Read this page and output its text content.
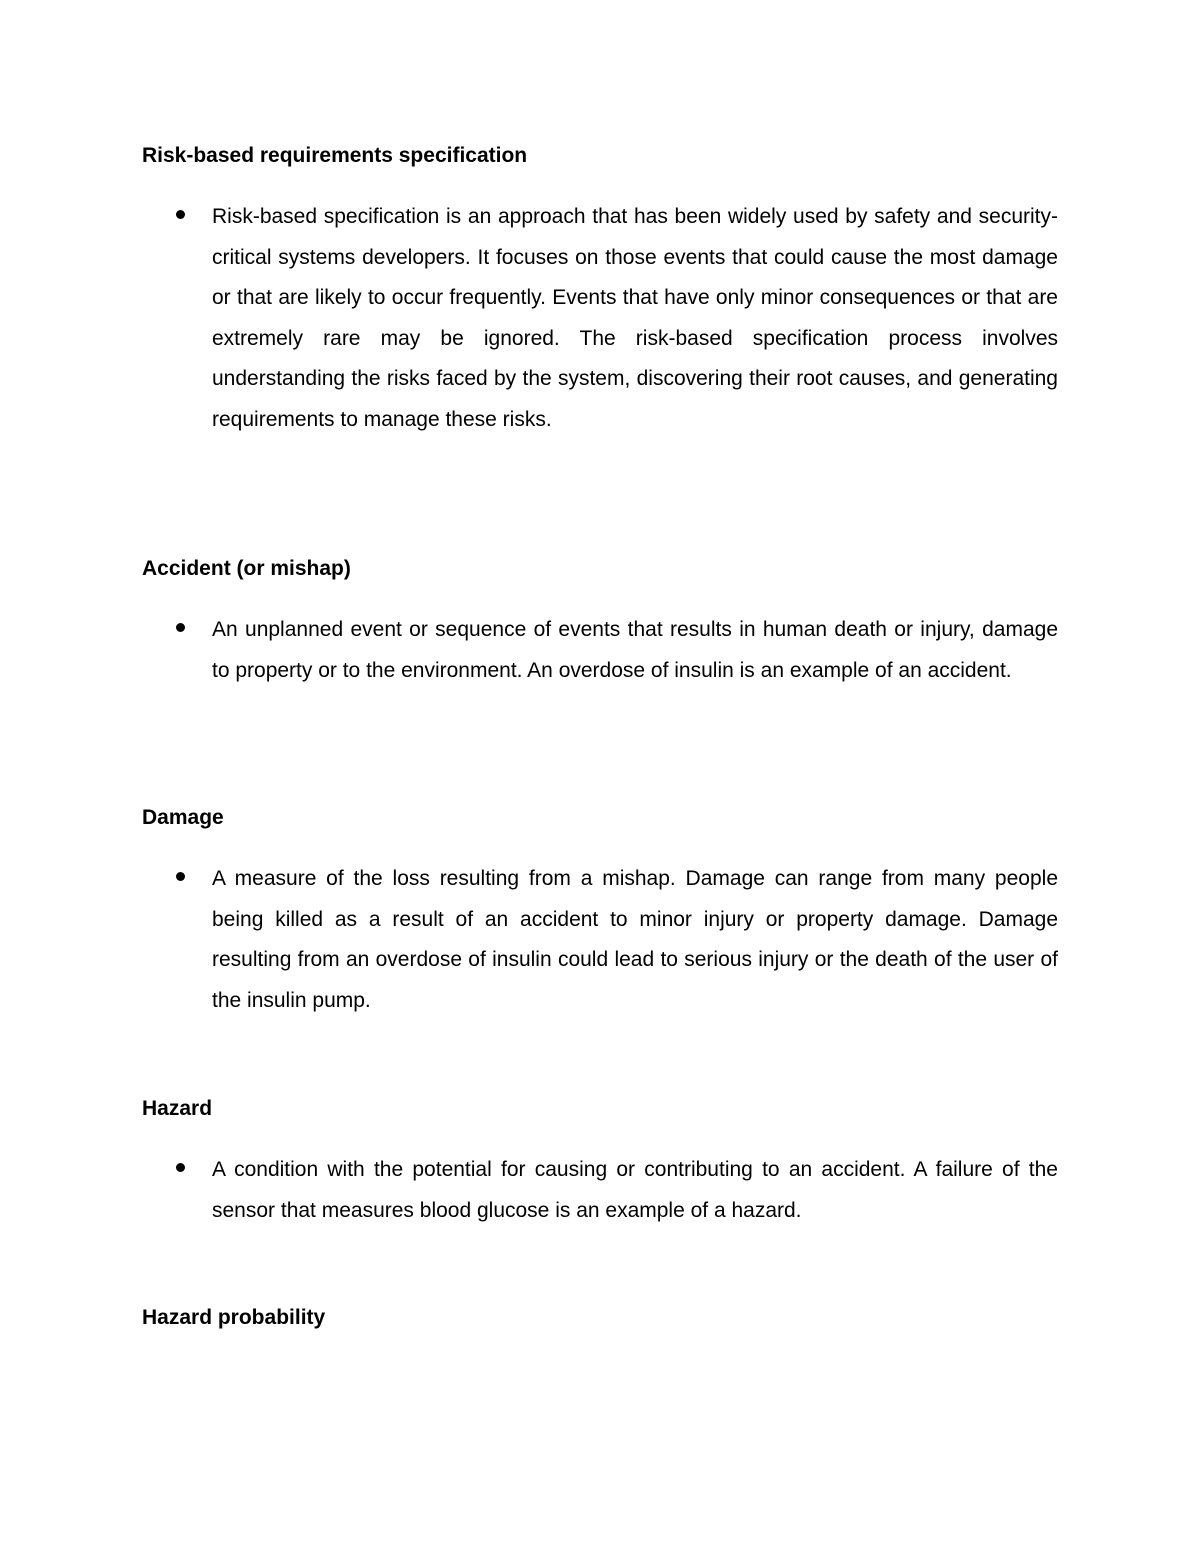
Risk-based requirements specification

Risk-based specification is an approach that has been widely used by safety and security-critical systems developers. It focuses on those events that could cause the most damage or that are likely to occur frequently. Events that have only minor consequences or that are extremely rare may be ignored. The risk-based specification process involves understanding the risks faced by the system, discovering their root causes, and generating requirements to manage these risks.

Accident (or mishap)

An unplanned event or sequence of events that results in human death or injury, damage to property or to the environment. An overdose of insulin is an example of an accident.

Damage

A measure of the loss resulting from a mishap. Damage can range from many people being killed as a result of an accident to minor injury or property damage. Damage resulting from an overdose of insulin could lead to serious injury or the death of the user of the insulin pump.

Hazard

A condition with the potential for causing or contributing to an accident. A failure of the sensor that measures blood glucose is an example of a hazard.

Hazard probability
